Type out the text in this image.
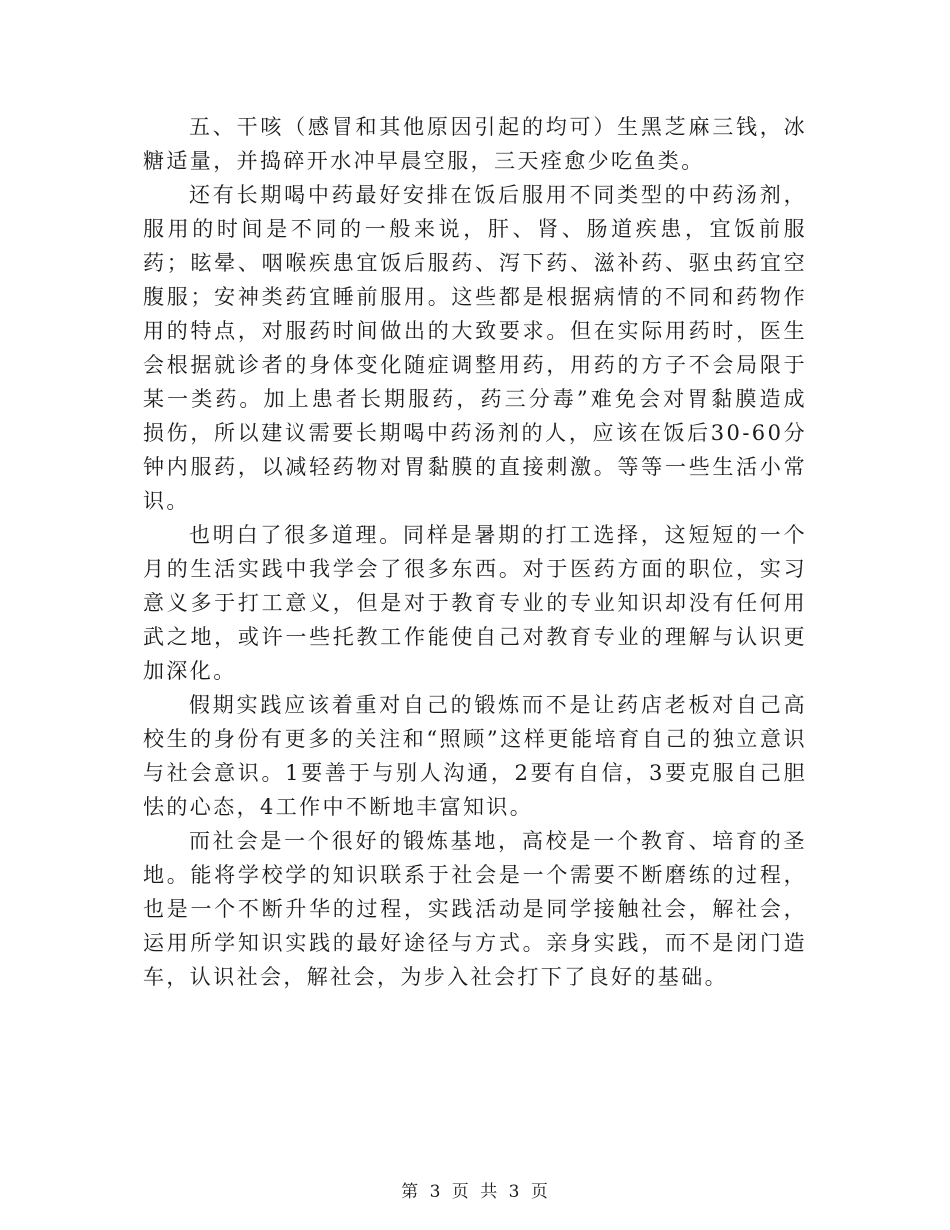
五、干咳（感冒和其他原因引起的均可）生黑芝麻三钱，冰糖适量，并捣碎开水冲早晨空服，三天痊愈少吃鱼类。

还有长期喝中药最好安排在饭后服用不同类型的中药汤剂，服用的时间是不同的一般来说，肝、肾、肠道疾患，宜饭前服药；眩晕、咽喉疾患宜饭后服药、泻下药、滋补药、驱虫药宜空腹服；安神类药宜睡前服用。这些都是根据病情的不同和药物作用的特点，对服药时间做出的大致要求。但在实际用药时，医生会根据就诊者的身体变化随症调整用药，用药的方子不会局限于某一类药。加上患者长期服药，药三分毒”难免会对胃黏膜造成损伤，所以建议需要长期喝中药汤剂的人，应该在饭后30-60分钟内服药，以减轻药物对胃黏膜的直接刺激。等等一些生活小常识。

也明白了很多道理。同样是暑期的打工选择，这短短的一个月的生活实践中我学会了很多东西。对于医药方面的职位，实习意义多于打工意义，但是对于教育专业的专业知识却没有任何用武之地，或许一些托教工作能使自己对教育专业的理解与认识更加深化。

假期实践应该着重对自己的锻炼而不是让药店老板对自己高校生的身份有更多的关注和“照顾”这样更能培育自己的独立意识与社会意识。1要善于与别人沟通，2要有自信，3要克服自己胆怯的心态，4工作中不断地丰富知识。

而社会是一个很好的锻炼基地，高校是一个教育、培育的圣地。能将学校学的知识联系于社会是一个需要不断磨练的过程，也是一个不断升华的过程，实践活动是同学接触社会，解社会，运用所学知识实践的最好途径与方式。亲身实践，而不是闭门造车，认识社会，解社会，为步入社会打下了良好的基础。

第 3 页 共 3 页
